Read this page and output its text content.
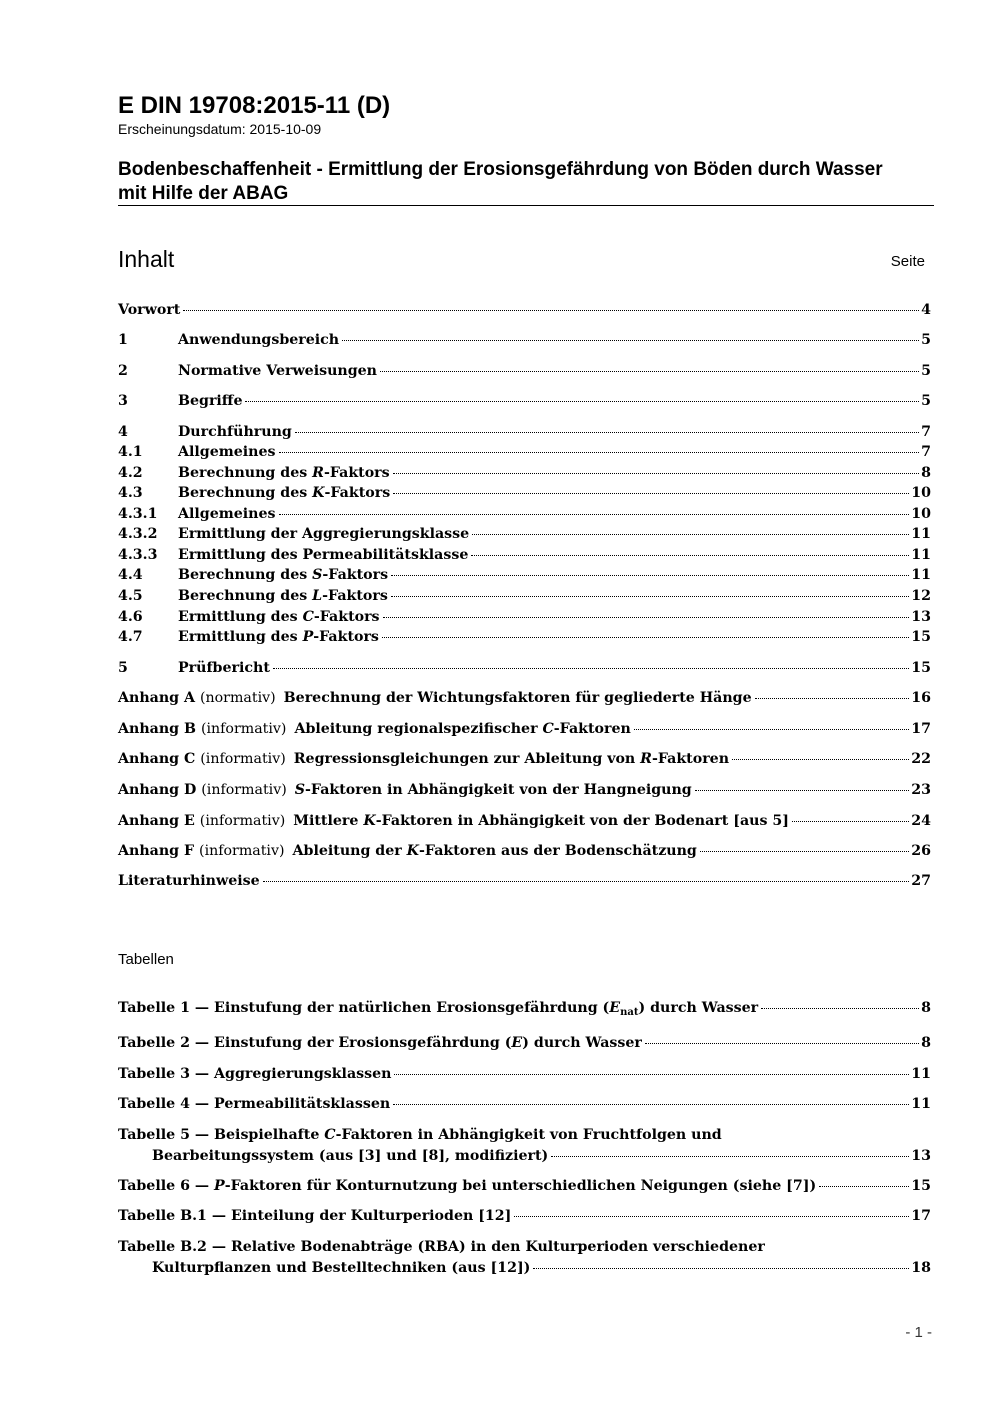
E DIN 19708:2015-11 (D)
Erscheinungsdatum: 2015-10-09
Bodenbeschaffenheit - Ermittlung der Erosionsgefährdung von Böden durch Wasser
mit Hilfe der ABAG
Inhalt	Seite
Vorwort	4
1	Anwendungsbereich	5
2	Normative Verweisungen	5
3	Begriffe	5
4	Durchführung	7
4.1	Allgemeines	7
4.2	Berechnung des R-Faktors	8
4.3	Berechnung des K-Faktors	10
4.3.1	Allgemeines	10
4.3.2	Ermittlung der Aggregierungsklasse	11
4.3.3	Ermittlung des Permeabilitätsklasse	11
4.4	Berechnung des S-Faktors	11
4.5	Berechnung des L-Faktors	12
4.6	Ermittlung des C-Faktors	13
4.7	Ermittlung des P-Faktors	15
5	Prüfbericht	15
Anhang A (normativ) Berechnung der Wichtungsfaktoren für gegliederte Hänge	16
Anhang B (informativ) Ableitung regionalspezifischer C-Faktoren	17
Anhang C (informativ) Regressionsgleichungen zur Ableitung von R-Faktoren	22
Anhang D (informativ) S-Faktoren in Abhängigkeit von der Hangneigung	23
Anhang E (informativ) Mittlere K-Faktoren in Abhängigkeit von der Bodenart [aus 5]	24
Anhang F (informativ) Ableitung der K-Faktoren aus der Bodenschätzung	26
Literaturhinweise	27
Tabellen
Tabelle 1 — Einstufung der natürlichen Erosionsgefährdung $(E_{nat})$ durch Wasser	8
Tabelle 2 — Einstufung der Erosionsgefährdung (E) durch Wasser	8
Tabelle 3 — Aggregierungsklassen	11
Tabelle 4 — Permeabilitätsklassen	11
Tabelle 5 — Beispielhafte C-Faktoren in Abhängigkeit von Fruchtfolgen und
Bearbeitungssystem (aus [3] und [8], modifiziert)	13
Tabelle 6 — P-Faktoren für Konturnutzung bei unterschiedlichen Neigungen (siehe [7])	15
Tabelle B.1 — Einteilung der Kulturperioden [12]	17
Tabelle B.2 — Relative Bodenabträge (RBA) in den Kulturperioden verschiedener
Kulturpflanzen und Bestelltechniken (aus [12])	18
- 1 -
